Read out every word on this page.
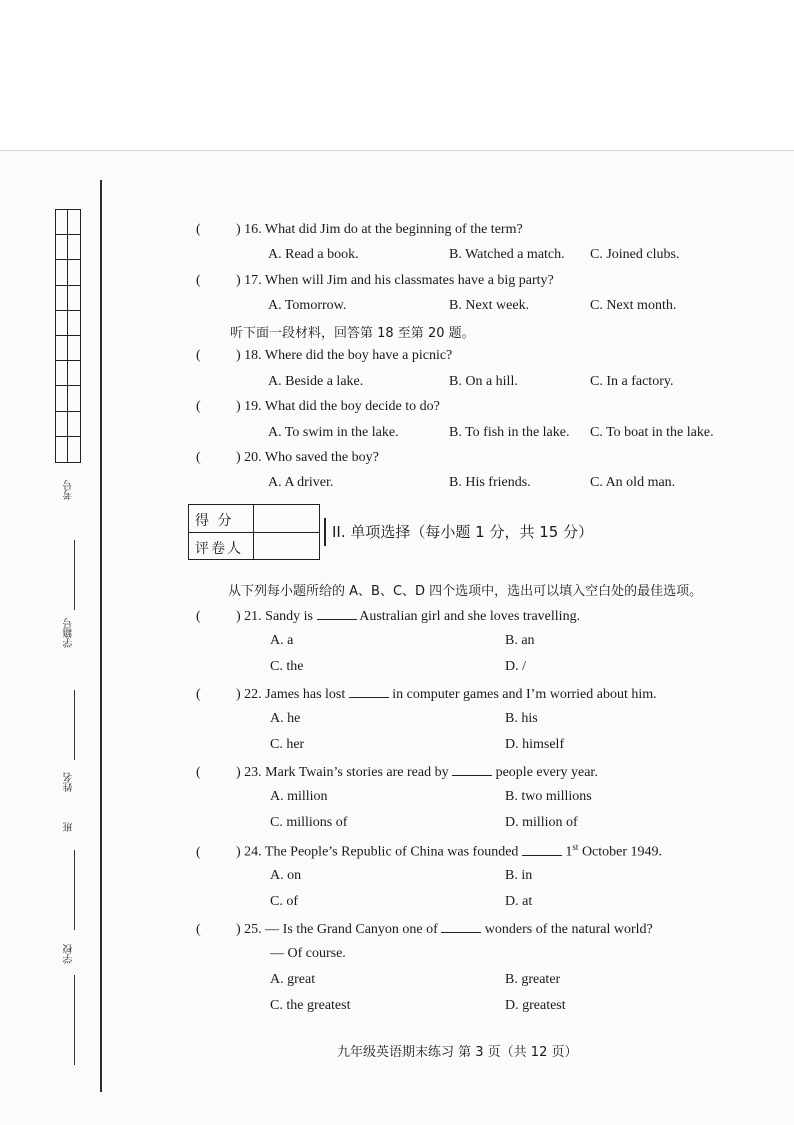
考号
学籍号
姓名
班
学校
(	) 16. What did Jim do at the beginning of the term?
A. Read a book.	B. Watched a match. C. Joined clubs.
(	) 17. When will Jim and his classmates have a big party?
A. Tomorrow.	B. Next week.	C. Next month.
听下面一段材料，回答第 18 至第 20 题。
(	) 18. Where did the boy have a picnic?
A. Beside a lake.	B. On a hill.	C. In a factory.
(	) 19. What did the boy decide to do?
A. To swim in the lake.	B. To fish in the lake. C. To boat in the lake.
(	) 20. Who saved the boy?
A. A driver.	B. His friends.	C. An old man.
得 分
评卷人
II. 单项选择（每小题 1 分，共 15 分）
从下列每小题所给的 A、B、C、D 四个选项中，选出可以填入空白处的最佳选项。
(	) 21. Sandy is	Australian girl and she loves travelling.
A. a	B. an
C. the	D. /
(	) 22. James has lost	in computer games and I’m worried about him.
A. he	B. his
C. her	D. himself
(	) 23. Mark Twain’s stories are read by	people every year.
A. million	B. two millions
C. millions of	D. million of
(	) 24. The People’s Republic of China was founded	1st October 1949.
A. on	B. in
C. of	D. at
(	) 25. — Is the Grand Canyon one of	wonders of the natural world?
— Of course.
A. great	B. greater
C. the greatest	D. greatest
九年级英语期末练习 第 3 页（共 12 页）
